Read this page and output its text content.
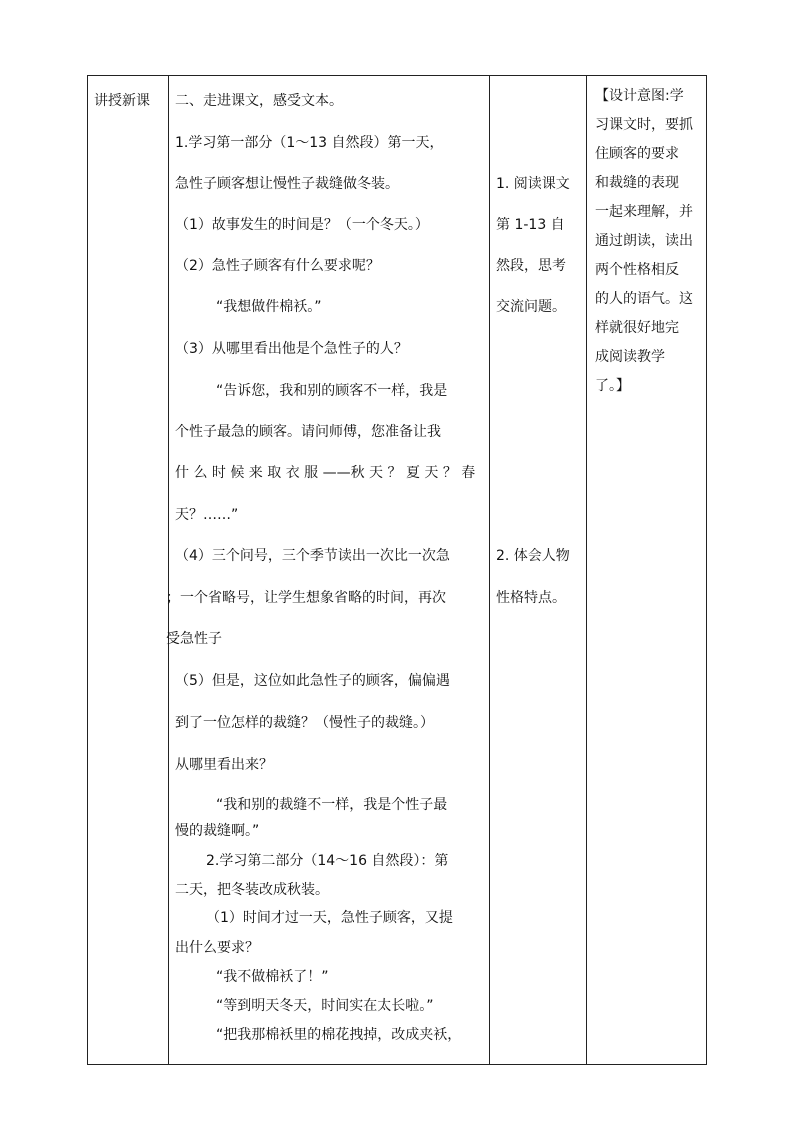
讲授新课 二、走进课文，感受文本。
1.学习第一部分（1～13 自然段）第一天，
急性子顾客想让慢性子裁缝做冬装。
（1）故事发生的时间是？（一个冬天。）
（2）急性子顾客有什么要求呢？
“我想做件棉袄。”
（3）从哪里看出他是个急性子的人？
“告诉您，我和别的顾客不一样，我是
个性子最急的顾客。请问师傅，您准备让我
什 么 时 候 来 取 衣 服 ——秋 天 ？ 夏 天 ？ 春
天？……”
（4）三个问号，三个季节读出一次比一次急
；一个省略号，让学生想象省略的时间，再次
受急性子
（5）但是，这位如此急性子的顾客，偏偏遇
到了一位怎样的裁缝？（慢性子的裁缝。）
从哪里看出来？
“我和别的裁缝不一样，我是个性子最
慢的裁缝啊。”
2.学习第二部分（14～16 自然段）：第
二天，把冬装改成秋装。
（1）时间才过一天，急性子顾客，又提
出什么要求？
“我不做棉袄了！”
“等到明天冬天，时间实在太长啦。”
“把我那棉袄里的棉花拽掉，改成夹袄，
1. 阅读课文
第 1-13 自
然段，思考
交流问题。
2. 体会人物
性格特点。
【设计意图:学
习课文时，要抓
住顾客的要求
和裁缝的表现
一起来理解，并
通过朗读，读出
两个性格相反
的人的语气。这
样就很好地完
成阅读教学
了。】
